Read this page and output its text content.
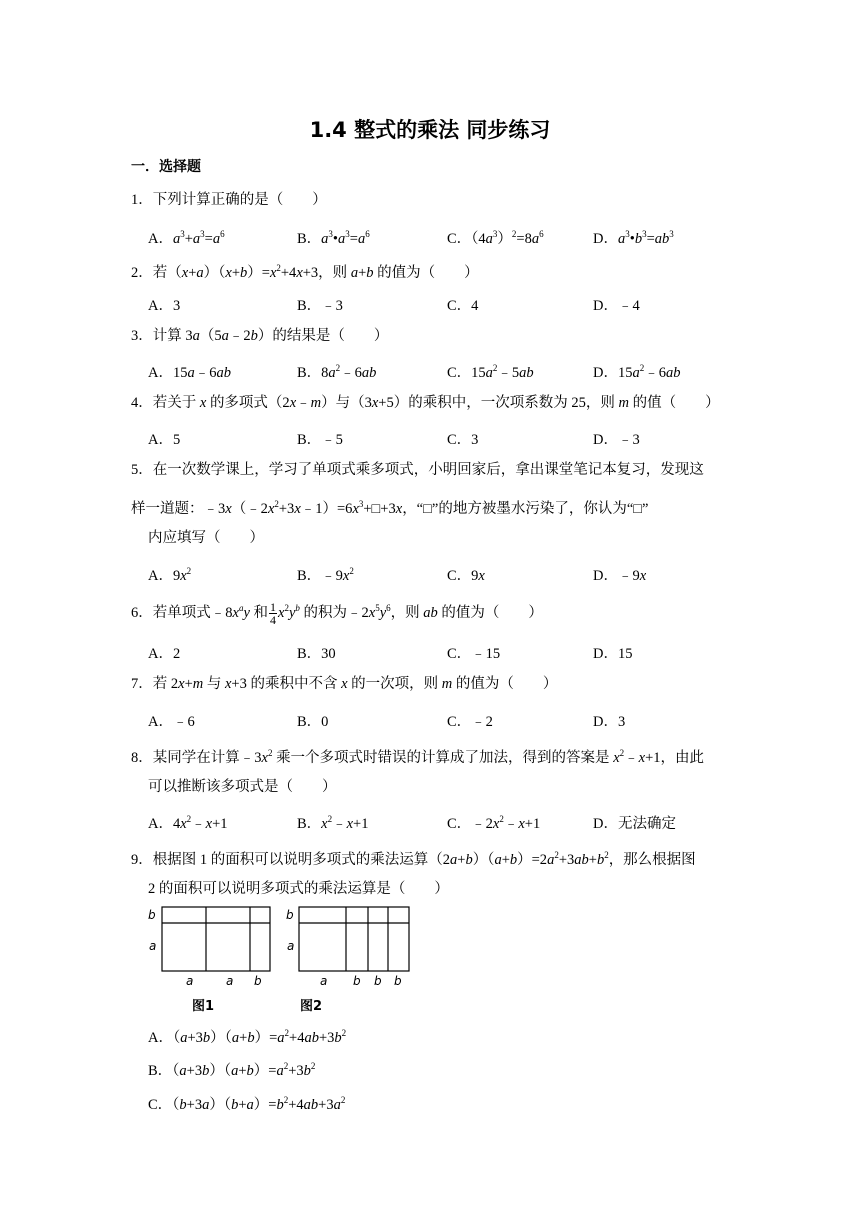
1.4 整式的乘法 同步练习
一．选择题
1．下列计算正确的是（　　）
A．$a^3+a^3=a^6$	B．$a^3•a^3=a^6$	C．$(4a^3)^2=8a^6$	D．$a^3•b^3=ab^3$
2．若$(x+a)(x+b)=x^2+4x+3$，则 a+b 的值为（　　）
A．3	B．﹣3	C．4	D．﹣4
3．计算 3a（5a﹣2b）的结果是（　　）
A．15a﹣6ab	B．$8a^2﹣6ab$	C．$15a^2﹣5ab$	D．$15a^2﹣6ab$
4．若关于 x 的多项式（2x﹣m）与（3x+5）的乘积中，一次项系数为 25，则 m 的值（　　）
A．5	B．﹣5	C．3	D．﹣3
5．在一次数学课上，学习了单项式乘多项式，小明回家后，拿出课堂笔记本复习，发现这
样一道题：$﹣3x(﹣2x^2+3x﹣1)=6x^3+□+3x$，“□”的地方被墨水污染了，你认为“□”
内应填写（　　）
A．$9x^2$	B．$﹣9x^2$	C．9x	D．﹣9x
6．若单项式$﹣8x^ay$ 和 $\frac{1}{4} x^2y^b$ 的积为$﹣2x^5y^6$，则 ab 的值为（　　）
A．2	B．30	C．﹣15	D．15
7．若 2x+m 与 x+3 的乘积中不含 x 的一次项，则 m 的值为（　　）
A．﹣6	B．0	C．﹣2	D．3
8．某同学在计算$﹣3x^2$ 乘一个多项式时错误的计算成了加法，得到的答案是 $x^2﹣x+1$，由此
可以推断该多项式是（　　）
A．$4x^2﹣x+1$	B．$x^2﹣x+1$	C．$﹣2x^2﹣x+1$	D．无法确定
9．根据图 1 的面积可以说明多项式的乘法运算$(2a+b)(a+b)=2a^2+3ab+b^2$，那么根据图
2 的面积可以说明多项式的乘法运算是（　　）
b
a
a	a b
图1
b
a
a b b b
图2
A．$(a+3b)(a+b)=a^2+4ab+3b^2$
B．$(a+3b)(a+b)=a^2+3b^2$
C．$(b+3a)(b+a)=b^2+4ab+3a^2$
